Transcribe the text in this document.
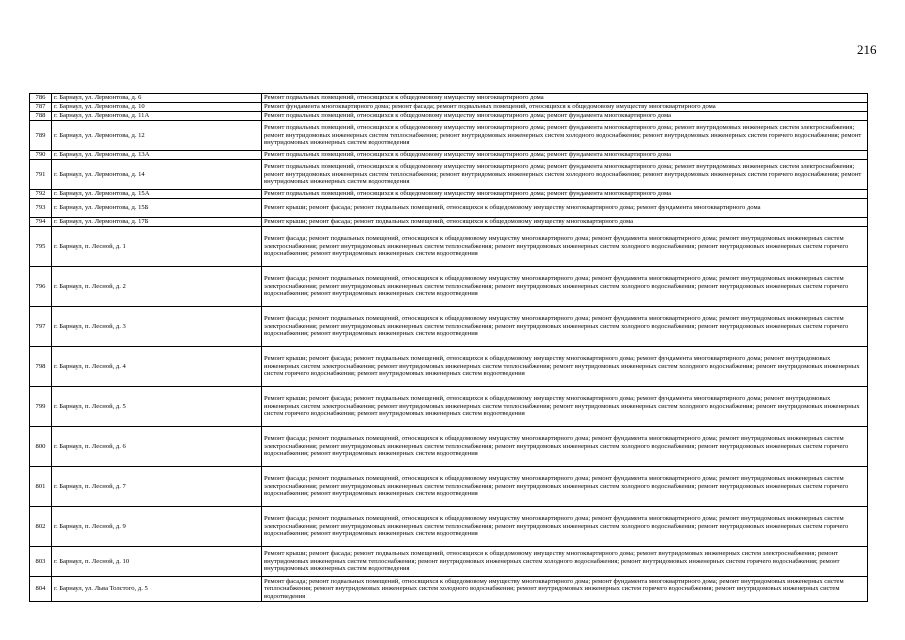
216
786	г. Барнаул, ул. Лермонтова, д. 6	Ремонт подвальных помещений, относящихся к общедомовому имуществу многоквартирного дома
787	г. Барнаул, ул. Лермонтова, д. 10	Ремонт фундамента многоквартирного дома; ремонт фасада; ремонт подвальных помещений, относящихся к общедомовому имуществу многоквартирного дома
788	г. Барнаул, ул. Лермонтова, д. 11А	Ремонт подвальных помещений, относящихся к общедомовому имуществу многоквартирного дома; ремонт фундамента многоквартирного дома
789	г. Барнаул, ул. Лермонтова, д. 12	Ремонт подвальных помещений, относящихся к общедомовому имуществу многоквартирного дома; ремонт фундамента многоквартирного дома; ремонт внутридомовых инженерных систем электроснабжения; ремонт внутридомовых инженерных систем теплоснабжения; ремонт внутридомовых инженерных систем холодного водоснабжения; ремонт внутридомовых инженерных систем горячего водоснабжения; ремонт внутридомовых инженерных систем водоотведения
790	г. Барнаул, ул. Лермонтова, д. 13А	Ремонт подвальных помещений, относящихся к общедомовому имуществу многоквартирного дома; ремонт фундамента многоквартирного дома
791	г. Барнаул, ул. Лермонтова, д. 14	Ремонт подвальных помещений, относящихся к общедомовому имуществу многоквартирного дома; ремонт фундамента многоквартирного дома; ремонт внутридомовых инженерных систем электроснабжения; ремонт внутридомовых инженерных систем теплоснабжения; ремонт внутридомовых инженерных систем холодного водоснабжения; ремонт внутридомовых инженерных систем горячего водоснабжения; ремонт внутридомовых инженерных систем водоотведения
792	г. Барнаул, ул. Лермонтова, д. 15А	Ремонт подвальных помещений, относящихся к общедомовому имуществу многоквартирного дома; ремонт фундамента многоквартирного дома
793	г. Барнаул, ул. Лермонтова, д. 15Б	Ремонт крыши; ремонт фасада; ремонт подвальных помещений, относящихся к общедомовому имуществу многоквартирного дома; ремонт фундамента многоквартирного дома
794	г. Барнаул, ул. Лермонтова, д. 17Б	Ремонт крыши; ремонт фасада; ремонт подвальных помещений, относящихся к общедомовому имуществу многоквартирного дома
795	г. Барнаул, п. Лесной, д. 1	Ремонт фасада; ремонт подвальных помещений, относящихся к общедомовому имуществу многоквартирного дома; ремонт фундамента многоквартирного дома; ремонт внутридомовых инженерных систем электроснабжения; ремонт внутридомовых инженерных систем теплоснабжения; ремонт внутридомовых инженерных систем холодного водоснабжения; ремонт внутридомовых инженерных систем горячего водоснабжения; ремонт внутридомовых инженерных систем водоотведения
796	г. Барнаул, п. Лесной, д. 2	Ремонт фасада; ремонт подвальных помещений, относящихся к общедомовому имуществу многоквартирного дома; ремонт фундамента многоквартирного дома; ремонт внутридомовых инженерных систем электроснабжения; ремонт внутридомовых инженерных систем теплоснабжения; ремонт внутридомовых инженерных систем холодного водоснабжения; ремонт внутридомовых инженерных систем горячего водоснабжения; ремонт внутридомовых инженерных систем водоотведения
797	г. Барнаул, п. Лесной, д. 3	Ремонт фасада; ремонт подвальных помещений, относящихся к общедомовому имуществу многоквартирного дома; ремонт фундамента многоквартирного дома; ремонт внутридомовых инженерных систем электроснабжения; ремонт внутридомовых инженерных систем теплоснабжения; ремонт внутридомовых инженерных систем холодного водоснабжения; ремонт внутридомовых инженерных систем горячего водоснабжения; ремонт внутридомовых инженерных систем водоотведения
798	г. Барнаул, п. Лесной, д. 4	Ремонт крыши; ремонт фасада; ремонт подвальных помещений, относящихся к общедомовому имуществу многоквартирного дома; ремонт фундамента многоквартирного дома; ремонт внутридомовых инженерных систем электроснабжения; ремонт внутридомовых инженерных систем теплоснабжения; ремонт внутридомовых инженерных систем холодного водоснабжения; ремонт внутридомовых инженерных систем горячего водоснабжения; ремонт внутридомовых инженерных систем водоотведения
799	г. Барнаул, п. Лесной, д. 5	Ремонт крыши; ремонт фасада; ремонт подвальных помещений, относящихся к общедомовому имуществу многоквартирного дома; ремонт фундамента многоквартирного дома; ремонт внутридомовых инженерных систем электроснабжения; ремонт внутридомовых инженерных систем теплоснабжения; ремонт внутридомовых инженерных систем холодного водоснабжения; ремонт внутридомовых инженерных систем горячего водоснабжения; ремонт внутридомовых инженерных систем водоотведения
800	г. Барнаул, п. Лесной, д. 6	Ремонт фасада; ремонт подвальных помещений, относящихся к общедомовому имуществу многоквартирного дома; ремонт фундамента многоквартирного дома; ремонт внутридомовых инженерных систем электроснабжения; ремонт внутридомовых инженерных систем теплоснабжения; ремонт внутридомовых инженерных систем холодного водоснабжения; ремонт внутридомовых инженерных систем горячего водоснабжения; ремонт внутридомовых инженерных систем водоотведения
801	г. Барнаул, п. Лесной, д. 7	Ремонт фасада; ремонт подвальных помещений, относящихся к общедомовому имуществу многоквартирного дома; ремонт фундамента многоквартирного дома; ремонт внутридомовых инженерных систем электроснабжения; ремонт внутридомовых инженерных систем теплоснабжения; ремонт внутридомовых инженерных систем холодного водоснабжения; ремонт внутридомовых инженерных систем горячего водоснабжения; ремонт внутридомовых инженерных систем водоотведения
802	г. Барнаул, п. Лесной, д. 9	Ремонт фасада; ремонт подвальных помещений, относящихся к общедомовому имуществу многоквартирного дома; ремонт фундамента многоквартирного дома; ремонт внутридомовых инженерных систем электроснабжения; ремонт внутридомовых инженерных систем теплоснабжения; ремонт внутридомовых инженерных систем холодного водоснабжения; ремонт внутридомовых инженерных систем горячего водоснабжения; ремонт внутридомовых инженерных систем водоотведения
803	г. Барнаул, п. Лесной, д. 10	Ремонт крыши; ремонт фасада; ремонт подвальных помещений, относящихся к общедомовому имуществу многоквартирного дома; ремонт внутридомовых инженерных систем электроснабжения; ремонт внутридомовых инженерных систем теплоснабжения; ремонт внутридомовых инженерных систем холодного водоснабжения; ремонт внутридомовых инженерных систем горячего водоснабжения; ремонт внутридомовых инженерных систем водоотведения
804	г. Барнаул, ул. Льва Толстого, д. 5	Ремонт фасада; ремонт подвальных помещений, относящихся к общедомовому имуществу многоквартирного дома; ремонт фундамента многоквартирного дома; ремонт внутридомовых инженерных систем теплоснабжения; ремонт внутридомовых инженерных систем холодного водоснабжения; ремонт внутридомовых инженерных систем горячего водоснабжения; ремонт внутридомовых инженерных систем водоотведения
